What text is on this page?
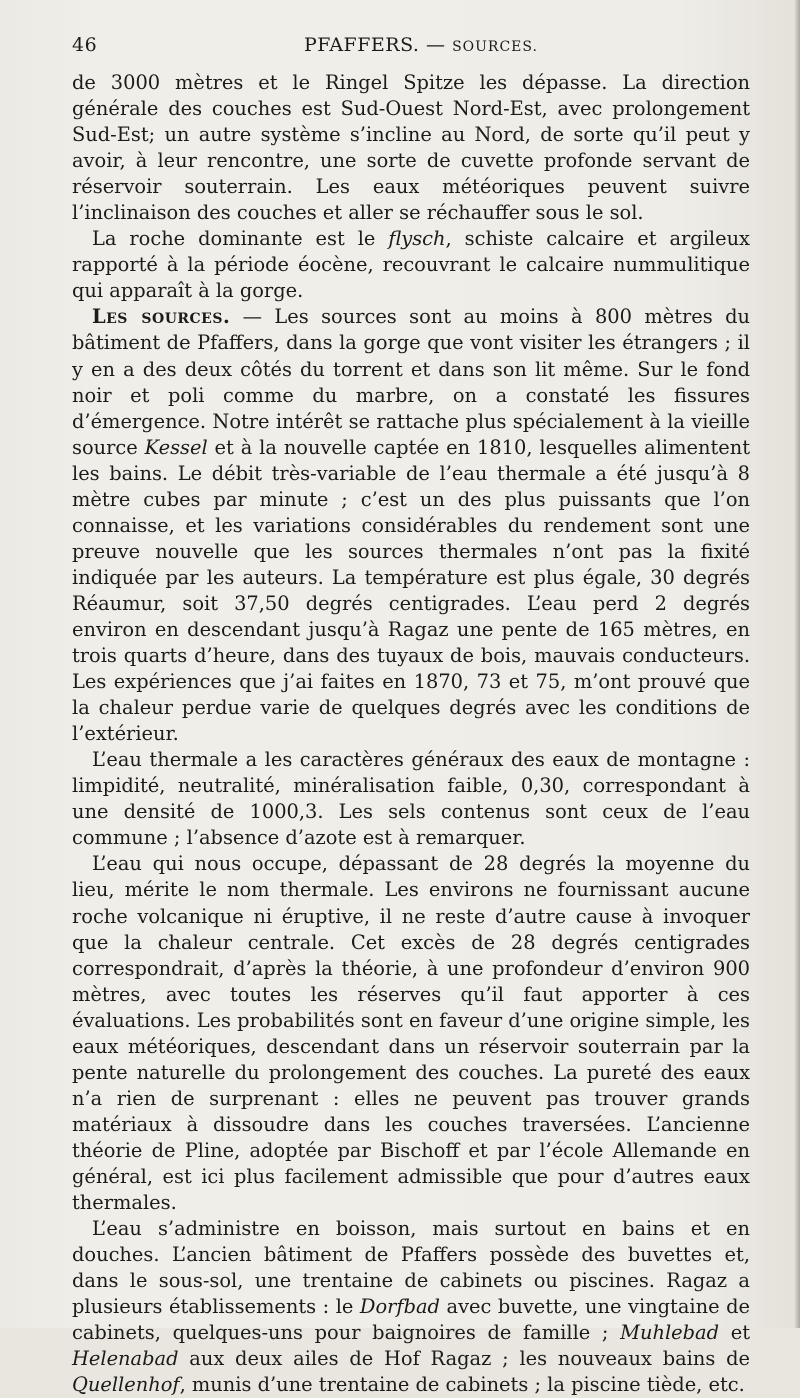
46	PFAFFERS. — SOURCES.

de 3000 mètres et le Ringel Spitze les dépasse. La direction générale des couches est Sud-Ouest Nord-Est, avec prolongement Sud-Est; un autre système s’incline au Nord, de sorte qu’il peut y avoir, à leur rencontre, une sorte de cuvette profonde servant de réservoir souterrain. Les eaux météoriques peuvent suivre l’inclinaison des couches et aller se réchauffer sous le sol.

La roche dominante est le flysch, schiste calcaire et argileux rapporté à la période éocène, recouvrant le calcaire nummulitique qui apparaît à la gorge.

Les sources. — Les sources sont au moins à 800 mètres du bâtiment de Pfaffers, dans la gorge que vont visiter les étrangers ; il y en a des deux côtés du torrent et dans son lit même. Sur le fond noir et poli comme du marbre, on a constaté les fissures d’émergence. Notre intérêt se rattache plus spécialement à la vieille source Kessel et à la nouvelle captée en 1810, lesquelles alimentent les bains. Le débit très-variable de l’eau thermale a été jusqu’à 8 mètre cubes par minute ; c’est un des plus puissants que l’on connaisse, et les variations considérables du rendement sont une preuve nouvelle que les sources thermales n’ont pas la fixité indiquée par les auteurs. La température est plus égale, 30 degrés Réaumur, soit 37,50 degrés centigrades. L’eau perd 2 degrés environ en descendant jusqu’à Ragaz une pente de 165 mètres, en trois quarts d’heure, dans des tuyaux de bois, mauvais conducteurs. Les expériences que j’ai faites en 1870, 73 et 75, m’ont prouvé que la chaleur perdue varie de quelques degrés avec les conditions de l’extérieur.

L’eau thermale a les caractères généraux des eaux de montagne : limpidité, neutralité, minéralisation faible, 0,30, correspondant à une densité de 1000,3. Les sels contenus sont ceux de l’eau commune ; l’absence d’azote est à remarquer.

L’eau qui nous occupe, dépassant de 28 degrés la moyenne du lieu, mérite le nom thermale. Les environs ne fournissant aucune roche volcanique ni éruptive, il ne reste d’autre cause à invoquer que la chaleur centrale. Cet excès de 28 degrés centigrades correspondrait, d’après la théorie, à une profondeur d’environ 900 mètres, avec toutes les réserves qu’il faut apporter à ces évaluations. Les probabilités sont en faveur d’une origine simple, les eaux météoriques, descendant dans un réservoir souterrain par la pente naturelle du prolongement des couches. La pureté des eaux n’a rien de surprenant : elles ne peuvent pas trouver grands matériaux à dissoudre dans les couches traversées. L’ancienne théorie de Pline, adoptée par Bischoff et par l’école Allemande en général, est ici plus facilement admissible que pour d’autres eaux thermales.

L’eau s’administre en boisson, mais surtout en bains et en douches. L’ancien bâtiment de Pfaffers possède des buvettes et, dans le sous-sol, une trentaine de cabinets ou piscines. Ragaz a plusieurs établissements : le Dorfbad avec buvette, une vingtaine de cabinets, quelques-uns pour baignoires de famille ; Muhlebad et Helenabad aux deux ailes de Hof Ragaz ; les nouveaux bains de Quellenhof, munis d’une trentaine de cabinets ; la piscine tiède, etc.
